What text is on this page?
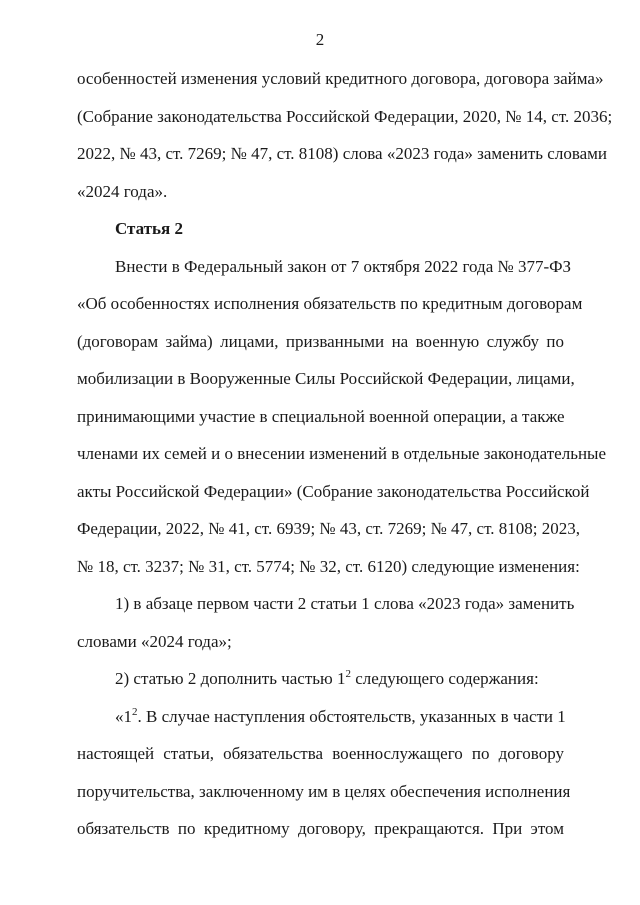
2
особенностей изменения условий кредитного договора, договора займа»
(Собрание законодательства Российской Федерации, 2020, № 14, ст. 2036;
2022, № 43, ст. 7269; № 47, ст. 8108) слова «2023 года» заменить словами
«2024 года».
Статья 2
Внести в Федеральный закон от 7 октября 2022 года № 377-ФЗ
«Об особенностях исполнения обязательств по кредитным договорам
(договорам займа) лицами, призванными на военную службу по
мобилизации в Вооруженные Силы Российской Федерации, лицами,
принимающими участие в специальной военной операции, а также
членами их семей и о внесении изменений в отдельные законодательные
акты Российской Федерации» (Собрание законодательства Российской
Федерации, 2022, № 41, ст. 6939; № 43, ст. 7269; № 47, ст. 8108; 2023,
№ 18, ст. 3237; № 31, ст. 5774; № 32, ст. 6120) следующие изменения:
1) в абзаце первом части 2 статьи 1 слова «2023 года» заменить
словами «2024 года»;
2) статью 2 дополнить частью $1^2$ следующего содержания:
«$1^2$. В случае наступления обстоятельств, указанных в части 1
настоящей статьи, обязательства военнослужащего по договору
поручительства, заключенному им в целях обеспечения исполнения
обязательств по кредитному договору, прекращаются. При этом
